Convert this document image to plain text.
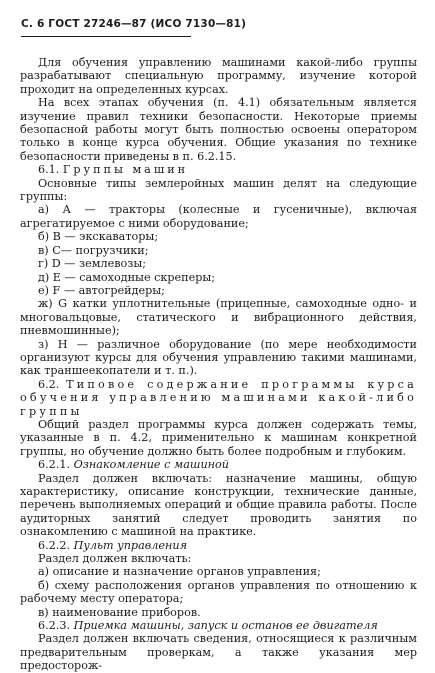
С. 6 ГОСТ 27246—87 (ИСО 7130—81)

Для обучения управлению машинами какой-либо группы разрабатывают специальную программу, изучение которой проходит на определенных курсах.

На всех этапах обучения (п. 4.1) обязательным является изучение правил техники безопасности. Некоторые приемы безопасной работы могут быть полностью освоены оператором только в конце курса обучения. Общие указания по технике безопасности приведены в п. 6.2.15.

6.1. Группы машин

Основные типы землеройных машин делят на следующие группы:

а) А — тракторы (колесные и гусеничные), включая агрегатируемое с ними оборудование;

б) В — экскаваторы;

в) С— погрузчики;

г) D — землевозы;

д) Е — самоходные скреперы;

е) F — автогрейдеры;

ж) G катки уплотнительные (прицепные, самоходные одно- и многовальцовые, статического и вибрационного действия, пневмошинные);

з) Н — различное оборудование (по мере необходимости организуют курсы для обучения управлению такими машинами, как траншеекопатели и т. п.).

6.2. Типовое содержание программы курса обучения управлению машинами какой-либо группы

Общий раздел программы курса должен содержать темы, указанные в п. 4.2, применительно к машинам конкретной группы, но обучение должно быть более подробным и глубоким.

6.2.1. Ознакомление с машиной

Раздел должен включать: назначение машины, общую характеристику, описание конструкции, технические данные, перечень выполняемых операций и общие правила работы. После аудиторных занятий следует проводить занятия по ознакомлению с машиной на практике.

6.2.2. Пульт управления

Раздел должен включать:

а) описание и назначение органов управления;

б) схему расположения органов управления по отношению к рабочему месту оператора;

в) наименование приборов.

6.2.3. Приемка машины, запуск и останов ее двигателя

Раздел должен включать сведения, относящиеся к различным предварительным проверкам, а также указания мер предосторож-
